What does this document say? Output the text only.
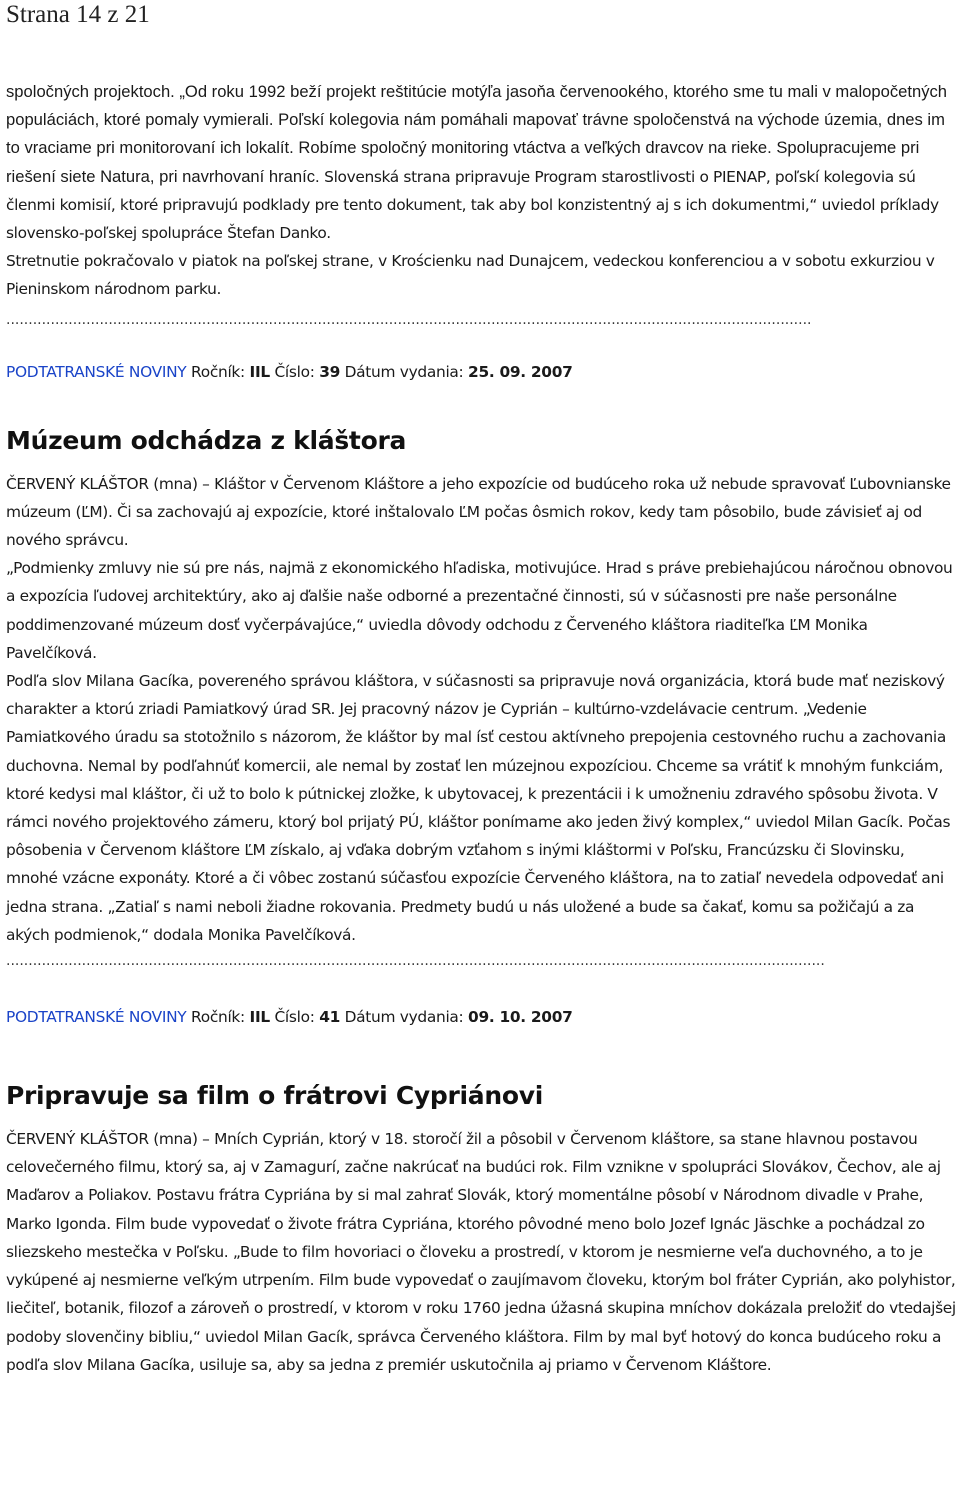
Strana 14 z 21

spoločných projektoch. „Od roku 1992 beží projekt reštitúcie motýľa jasoňa červenookého, ktorého sme tu mali v malopočetných populáciách, ktoré pomaly vymierali. Poľskí kolegovia nám pomáhali mapovať trávne spoločenstvá na východe územia, dnes im to vraciame pri monitorovaní ich lokalít. Robíme spoločný monitoring vtáctva a veľkých dravcov na rieke. Spolupracujeme pri riešení siete Natura, pri navrhovaní hraníc. Slovenská strana pripravuje Program starostlivosti o PIENAP, poľskí kolegovia sú členmi komisií, ktoré pripravujú podklady pre tento dokument, tak aby bol konzistentný aj s ich dokumentmi,“ uviedol príklady slovensko-poľskej spolupráce Štefan Danko.

Stretnutie pokračovalo v piatok na poľskej strane, v Krościenku nad Dunajcem, vedeckou konferenciou a v sobotu exkurziou v Pieninskom národnom parku.

.....................................................................................................................................................................................
PODTATRANSKÉ NOVINY Ročník: IIL Číslo: 39 Dátum vydania: 25. 09. 2007
Múzeum odchádza z kláštora

ČERVENÝ KLÁŠTOR (mna) – Kláštor v Červenom Kláštore a jeho expozície od budúceho roka už nebude spravovať Ľubovnianske múzeum (ĽM). Či sa zachovajú aj expozície, ktoré inštalovalo ĽM počas ôsmich rokov, kedy tam pôsobilo, bude závisieť aj od nového správcu.

„Podmienky zmluvy nie sú pre nás, najmä z ekonomického hľadiska, motivujúce. Hrad s práve prebiehajúcou náročnou obnovou a expozícia ľudovej architektúry, ako aj ďalšie naše odborné a prezentačné činnosti, sú v súčasnosti pre naše personálne poddimenzované múzeum dosť vyčerpávajúce,“ uviedla dôvody odchodu z Červeného kláštora riaditeľka ĽM Monika Pavelčíková.

Podľa slov Milana Gacíka, povereného správou kláštora, v súčasnosti sa pripravuje nová organizácia, ktorá bude mať neziskový charakter a ktorú zriadi Pamiatkový úrad SR. Jej pracovný názov je Cyprián – kultúrno-vzdelávacie centrum. „Vedenie Pamiatkového úradu sa stotožnilo s názorom, že kláštor by mal ísť cestou aktívneho prepojenia cestovného ruchu a zachovania duchovna. Nemal by podľahnúť komercii, ale nemal by zostať len múzejnou expozíciou. Chceme sa vrátiť k mnohým funkciám, ktoré kedysi mal kláštor, či už to bolo k pútnickej zložke, k ubytovacej, k prezentácii i k umožneniu zdravého spôsobu života. V rámci nového projektového zámeru, ktorý bol prijatý PÚ, kláštor ponímame ako jeden živý komplex,“ uviedol Milan Gacík. Počas pôsobenia v Červenom kláštore ĽM získalo, aj vďaka dobrým vzťahom s inými kláštormi v Poľsku, Francúzsku či Slovinsku, mnohé vzácne exponáty. Ktoré a či vôbec zostanú súčasťou expozície Červeného kláštora, na to zatiaľ nevedela odpovedať ani jedna strana. „Zatiaľ s nami neboli žiadne rokovania. Predmety budú u nás uložené a bude sa čakať, komu sa požičajú a za akých podmienok,“ dodala Monika Pavelčíková.

........................................................................................................................................................................................
PODTATRANSKÉ NOVINY Ročník: IIL Číslo: 41 Dátum vydania: 09. 10. 2007
Pripravuje sa film o frátrovi Cypriánovi

ČERVENÝ KLÁŠTOR (mna) – Mních Cyprián, ktorý v 18. storočí žil a pôsobil v Červenom kláštore, sa stane hlavnou postavou celovečerného filmu, ktorý sa, aj v Zamagurí, začne nakrúcať na budúci rok. Film vznikne v spolupráci Slovákov, Čechov, ale aj Maďarov a Poliakov. Postavu frátra Cypriána by si mal zahrať Slovák, ktorý momentálne pôsobí v Národnom divadle v Prahe, Marko Igonda. Film bude vypovedať o živote frátra Cypriána, ktorého pôvodné meno bolo Jozef Ignác Jäschke a pochádzal zo sliezskeho mestečka v Poľsku. „Bude to film hovoriaci o človeku a prostredí, v ktorom je nesmierne veľa duchovného, a to je vykúpené aj nesmierne veľkým utrpením. Film bude vypovedať o zaujímavom človeku, ktorým bol fráter Cyprián, ako polyhistor, liečiteľ, botanik, filozof a zároveň o prostredí, v ktorom v roku 1760 jedna úžasná skupina mníchov dokázala preložiť do vtedajšej podoby slovenčiny bibliu,“ uviedol Milan Gacík, správca Červeného kláštora. Film by mal byť hotový do konca budúceho roku a podľa slov Milana Gacíka, usiluje sa, aby sa jedna z premiér uskutočnila aj priamo v Červenom Kláštore.
